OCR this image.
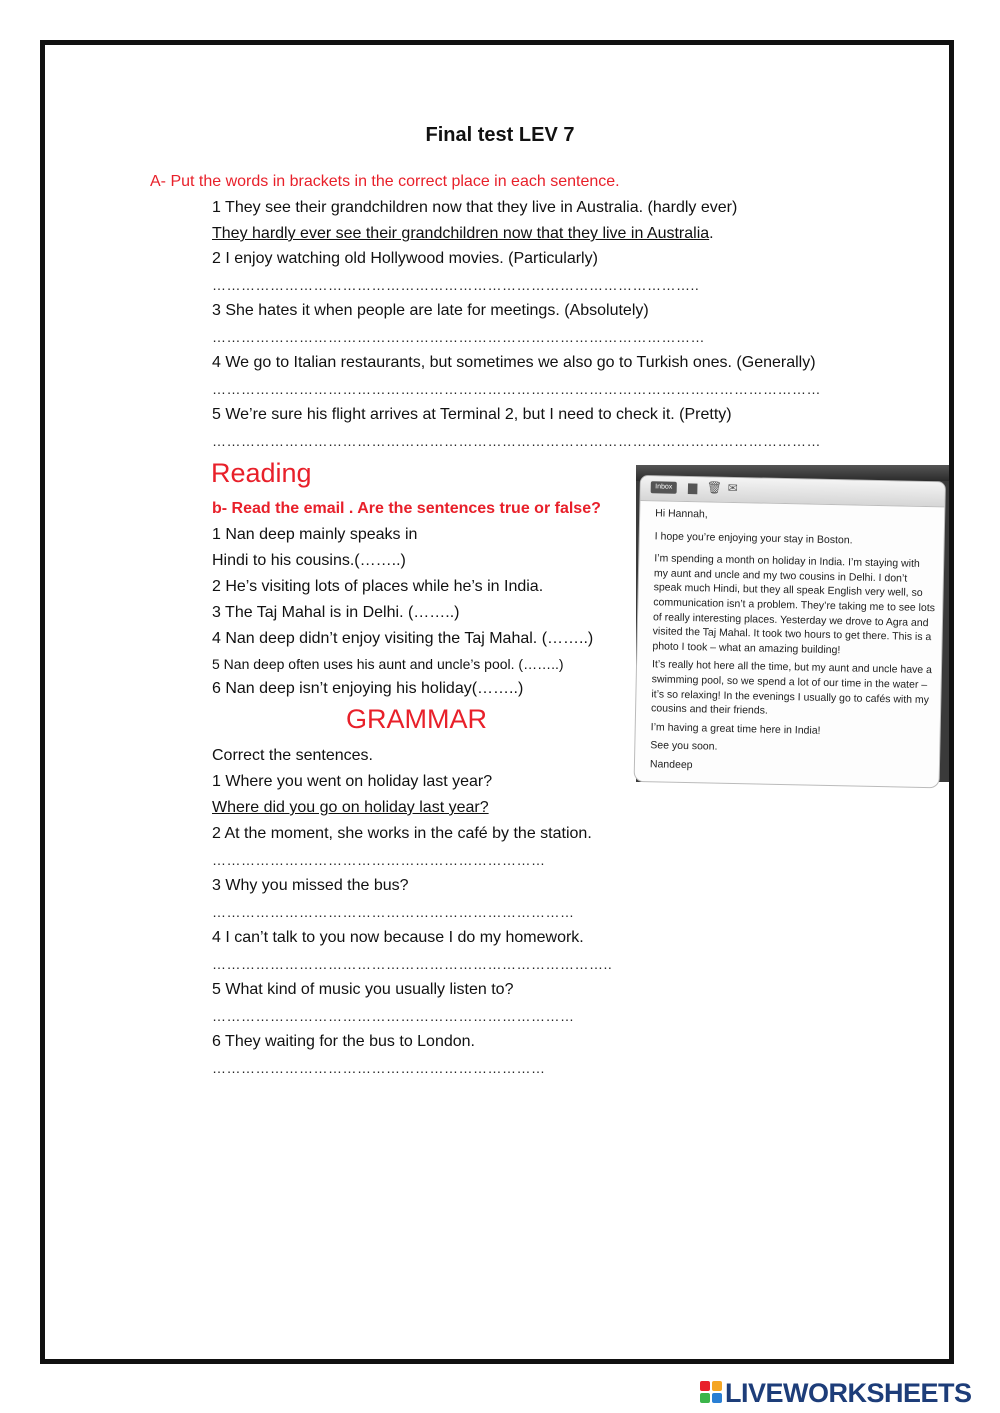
Final test LEV 7
A- Put the words in brackets in the correct place in each sentence.
1 They see their grandchildren now that they live in Australia. (hardly ever)
They hardly ever see their grandchildren now that they live in Australia.
2 I enjoy watching old Hollywood movies. (Particularly)
………………………………………………………………………………………..
3 She hates it when people are late for meetings. (Absolutely)
…………………………………………………………………………………………
4 We go to Italian restaurants, but sometimes we also go to Turkish ones. (Generally)
………………………………………………………………………………………………………………
5 We’re sure his flight arrives at Terminal 2, but I need to check it. (Pretty)
………………………………………………………………………………………………………………
Reading
b- Read the email . Are the sentences true or false?
1 Nan deep mainly speaks in
Hindi to his cousins.(……..)
2 He’s visiting lots of places while he’s in India.
3 The Taj Mahal is in Delhi. (……..)
4 Nan deep didn’t enjoy visiting the Taj Mahal. (……..)
5 Nan deep often uses his aunt and uncle’s pool. (……..)
6 Nan deep isn’t enjoying his holiday(……..)
Inbox	▆ 🗑 ✉

Hi Hannah,

I hope you’re enjoying your stay in Boston.

I’m spending a month on holiday in India. I’m staying with my aunt and uncle and my two cousins in Delhi. I don’t speak much Hindi, but they all speak English very well, so communication isn’t a problem. They’re taking me to see lots of really interesting places. Yesterday we drove to Agra and visited the Taj Mahal. It took two hours to get there. This is a photo I took – what an amazing building!

It’s really hot here all the time, but my aunt and uncle have a swimming pool, so we spend a lot of our time in the water – it’s so relaxing! In the evenings I usually go to cafés with my cousins and their friends.

I’m having a great time here in India!

See you soon.

Nandeep

GRAMMAR
Correct the sentences.
1 Where you went on holiday last year?
Where did you go on holiday last year?
2 At the moment, she works in the café by the station.
……………………………………………………………
3 Why you missed the bus?
…………………………………………………………………
4 I can’t talk to you now because I do my homework.
………………………………………………………………………..
5 What kind of music you usually listen to?
…………………………………………………………………
6 They waiting for the bus to London.
……………………………………………………………
LIVEWORKSHEETS
